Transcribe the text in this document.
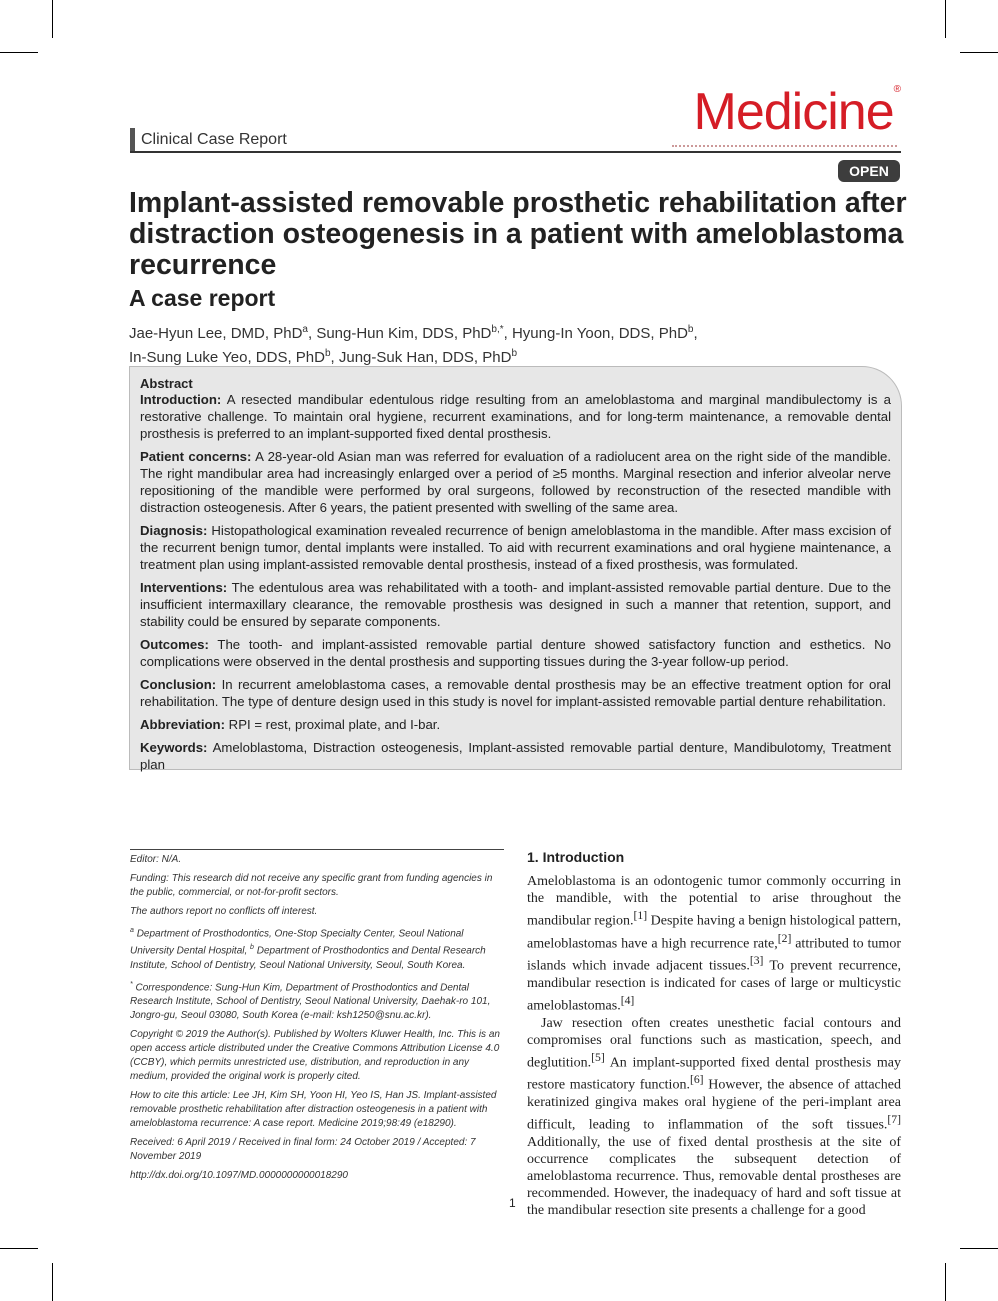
Clinical Case Report	Medicine®
OPEN
Implant-assisted removable prosthetic rehabilitation after distraction osteogenesis in a patient with ameloblastoma recurrence
A case report
Jae-Hyun Lee, DMD, PhD$^a$, Sung-Hun Kim, DDS, PhD$^{b,*}$, Hyung-In Yoon, DDS, PhD$^b$,
In-Sung Luke Yeo, DDS, PhD$^b$, Jung-Suk Han, DDS, PhD$^b$

Abstract

Introduction: A resected mandibular edentulous ridge resulting from an ameloblastoma and marginal mandibulectomy is a restorative challenge. To maintain oral hygiene, recurrent examinations, and for long-term maintenance, a removable dental prosthesis is preferred to an implant-supported fixed dental prosthesis.

Patient concerns: A 28-year-old Asian man was referred for evaluation of a radiolucent area on the right side of the mandible. The right mandibular area had increasingly enlarged over a period of ≥5 months. Marginal resection and inferior alveolar nerve repositioning of the mandible were performed by oral surgeons, followed by reconstruction of the resected mandible with distraction osteogenesis. After 6 years, the patient presented with swelling of the same area.

Diagnosis: Histopathological examination revealed recurrence of benign ameloblastoma in the mandible. After mass excision of the recurrent benign tumor, dental implants were installed. To aid with recurrent examinations and oral hygiene maintenance, a treatment plan using implant-assisted removable dental prosthesis, instead of a fixed prosthesis, was formulated.

Interventions: The edentulous area was rehabilitated with a tooth- and implant-assisted removable partial denture. Due to the insufficient intermaxillary clearance, the removable prosthesis was designed in such a manner that retention, support, and stability could be ensured by separate components.

Outcomes: The tooth- and implant-assisted removable partial denture showed satisfactory function and esthetics. No complications were observed in the dental prosthesis and supporting tissues during the 3-year follow-up period.

Conclusion: In recurrent ameloblastoma cases, a removable dental prosthesis may be an effective treatment option for oral rehabilitation. The type of denture design used in this study is novel for implant-assisted removable partial denture rehabilitation.

Abbreviation: RPI = rest, proximal plate, and I-bar.

Keywords: Ameloblastoma, Distraction osteogenesis, Implant-assisted removable partial denture, Mandibulotomy, Treatment plan

Editor: N/A.

Funding: This research did not receive any specific grant from funding agencies in the public, commercial, or not-for-profit sectors.

The authors report no conflicts off interest.

$^a$ Department of Prosthodontics, One-Stop Specialty Center, Seoul National University Dental Hospital, $^b$ Department of Prosthodontics and Dental Research Institute, School of Dentistry, Seoul National University, Seoul, South Korea.

* Correspondence: Sung-Hun Kim, Department of Prosthodontics and Dental Research Institute, School of Dentistry, Seoul National University, Daehak-ro 101, Jongro-gu, Seoul 03080, South Korea (e-mail: ksh1250@snu.ac.kr).

Copyright © 2019 the Author(s). Published by Wolters Kluwer Health, Inc. This is an open access article distributed under the Creative Commons Attribution License 4.0 (CCBY), which permits unrestricted use, distribution, and reproduction in any medium, provided the original work is properly cited.

How to cite this article: Lee JH, Kim SH, Yoon HI, Yeo IS, Han JS. Implant-assisted removable prosthetic rehabilitation after distraction osteogenesis in a patient with ameloblastoma recurrence: A case report. Medicine 2019;98:49 (e18290).

Received: 6 April 2019 / Received in final form: 24 October 2019 / Accepted: 7 November 2019

http://dx.doi.org/10.1097/MD.0000000000018290

1. Introduction

Ameloblastoma is an odontogenic tumor commonly occurring in the mandible, with the potential to arise throughout the mandibular region.[1] Despite having a benign histological pattern, ameloblastomas have a high recurrence rate,[2] attributed to tumor islands which invade adjacent tissues.[3] To prevent recurrence, mandibular resection is indicated for cases of large or multicystic ameloblastomas.[4]

Jaw resection often creates unesthetic facial contours and compromises oral functions such as mastication, speech, and deglutition.[5] An implant-supported fixed dental prosthesis may restore masticatory function.[6] However, the absence of attached keratinized gingiva makes oral hygiene of the peri-implant area difficult, leading to inflammation of the soft tissues.[7] Additionally, the use of fixed dental prosthesis at the site of occurrence complicates the subsequent detection of ameloblastoma recurrence. Thus, removable dental prostheses are recommended. However, the inadequacy of hard and soft tissue at the mandibular resection site presents a challenge for a good

1
